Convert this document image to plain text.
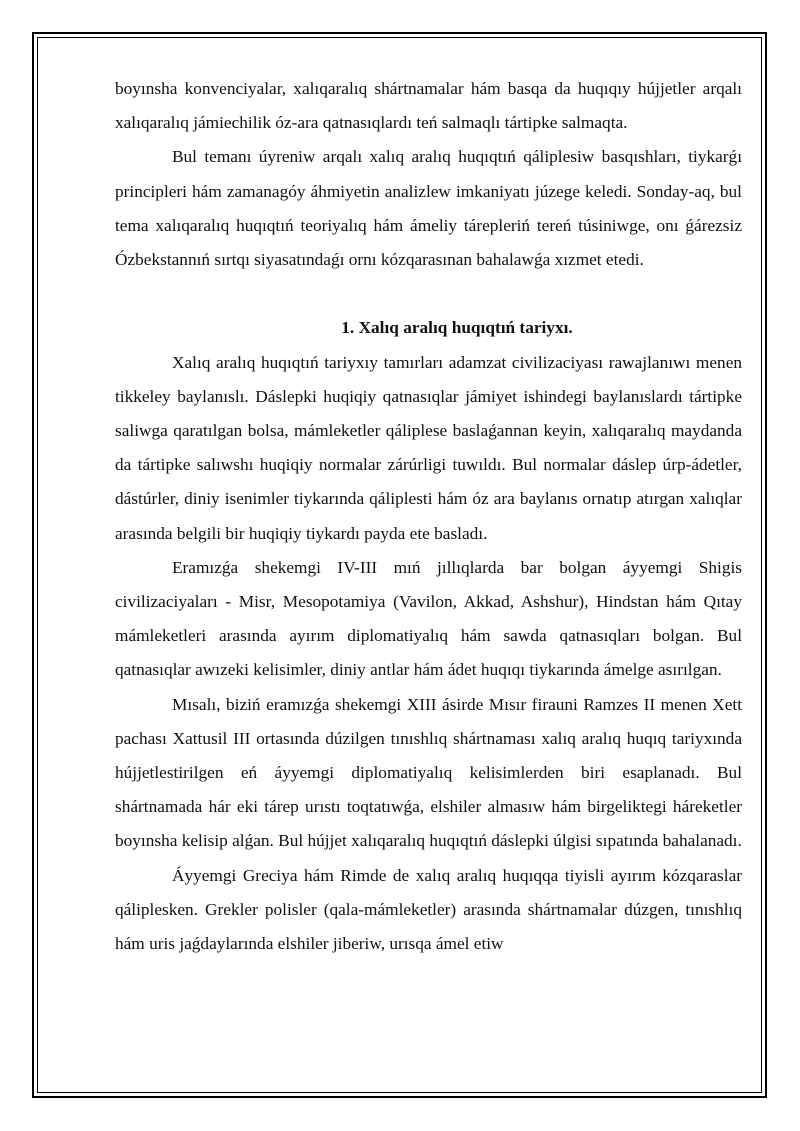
boyınsha konvenciyalar, xalıqaralıq shártnamalar hám basqa da huqıqıy hújjetler arqalı xalıqaralıq jámiechilik óz-ara qatnasıqlardı teń salmaqlı tártipke salmaqta.

Bul temanı úyreniw arqalı xalıq aralıq huqıqtıń qáliplesiw basqıshları, tiykarǵı principleri hám zamanagóy áhmiyetin analizlew imkaniyatı júzege keledi. Sonday-aq, bul tema xalıqaralıq huqıqtıń teoriyalıq hám ámeliy tárepleriń tereń túsiniwge, onı ǵárezsiz Ózbekstannıń sırtqı siyasatındaǵı ornı kózqarasınan bahalawǵa xızmet etedi.

1. Xalıq aralıq huqıqtıń tariyxı.

Xalıq aralıq huqıqtıń tariyxıy tamırları adamzat civilizaciyası rawajlanıwı menen tikkeley baylanıslı. Dáslepki huqiqiy qatnasıqlar jámiyet ishindegi baylanıslardı tártipke saliwga qaratılgan bolsa, mámleketler qáliplese baslaǵannan keyin, xalıqaralıq maydanda da tártipke salıwshı huqiqiy normalar zárúrligi tuwıldı. Bul normalar dáslep úrp-ádetler, dástúrler, diniy isenimler tiykarında qáliplesti hám óz ara baylanıs ornatıp atırgan xalıqlar arasında belgili bir huqiqiy tiykardı payda ete basladı.

Eramızǵa shekemgi IV-III mıń jıllıqlarda bar bolgan áyyemgi Shigis civilizaciyaları - Misr, Mesopotamiya (Vavilon, Akkad, Ashshur), Hindstan hám Qıtay mámleketleri arasında ayırım diplomatiyalıq hám sawda qatnasıqları bolgan. Bul qatnasıqlar awızeki kelisimler, diniy antlar hám ádet huqıqı tiykarında ámelge asırılgan.

Mısalı, biziń eramızǵa shekemgi XIII ásirde Mısır firauni Ramzes II menen Xett pachası Xattusil III ortasında dúzilgen tınıshlıq shártnaması xalıq aralıq huqıq tariyxında hújjetlestirilgen eń áyyemgi diplomatiyalıq kelisimlerden biri esaplanadı. Bul shártnamada hár eki tárep urıstı toqtatıwǵa, elshiler almasıw hám birgeliktegi háreketler boyınsha kelisip alǵan. Bul hújjet xalıqaralıq huqıqtıń dáslepki úlgisi sıpatında bahalanadı.

Áyyemgi Greciya hám Rimde de xalıq aralıq huqıqqa tiyisli ayırım kózqaraslar qáliplesken. Grekler polisler (qala-mámleketler) arasında shártnamalar dúzgen, tınıshlıq hám uris jaǵdaylarında elshiler jiberiw, urısqa ámel etiw
